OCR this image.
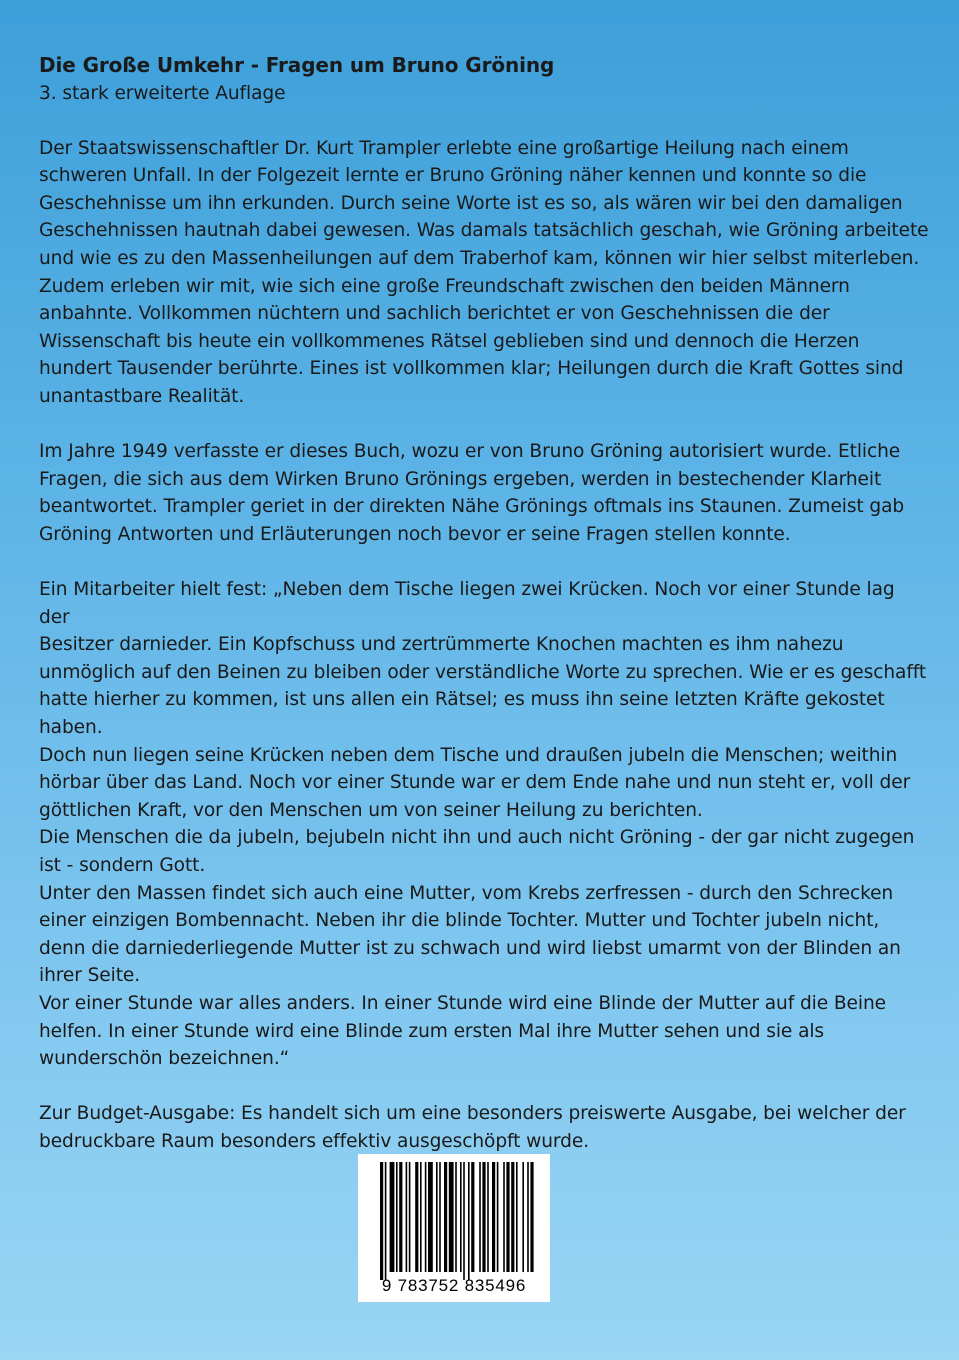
Die Große Umkehr - Fragen um Bruno Gröning
3. stark erweiterte Auflage

Der Staatswissenschaftler Dr. Kurt Trampler erlebte eine großartige Heilung nach einem
schweren Unfall. In der Folgezeit lernte er Bruno Gröning näher kennen und konnte so die
Geschehnisse um ihn erkunden. Durch seine Worte ist es so, als wären wir bei den damaligen
Geschehnissen hautnah dabei gewesen. Was damals tatsächlich geschah, wie Gröning arbeitete
und wie es zu den Massenheilungen auf dem Traberhof kam, können wir hier selbst miterleben.
Zudem erleben wir mit, wie sich eine große Freundschaft zwischen den beiden Männern
anbahnte. Vollkommen nüchtern und sachlich berichtet er von Geschehnissen die der
Wissenschaft bis heute ein vollkommenes Rätsel geblieben sind und dennoch die Herzen
hundert Tausender berührte. Eines ist vollkommen klar; Heilungen durch die Kraft Gottes sind
unantastbare Realität.

Im Jahre 1949 verfasste er dieses Buch, wozu er von Bruno Gröning autorisiert wurde. Etliche
Fragen, die sich aus dem Wirken Bruno Grönings ergeben, werden in bestechender Klarheit
beantwortet. Trampler geriet in der direkten Nähe Grönings oftmals ins Staunen. Zumeist gab
Gröning Antworten und Erläuterungen noch bevor er seine Fragen stellen konnte.

Ein Mitarbeiter hielt fest: „Neben dem Tische liegen zwei Krücken. Noch vor einer Stunde lag der
Besitzer darnieder. Ein Kopfschuss und zertrümmerte Knochen machten es ihm nahezu
unmöglich auf den Beinen zu bleiben oder verständliche Worte zu sprechen. Wie er es geschafft
hatte hierher zu kommen, ist uns allen ein Rätsel; es muss ihn seine letzten Kräfte gekostet
haben.

Doch nun liegen seine Krücken neben dem Tische und draußen jubeln die Menschen; weithin
hörbar über das Land. Noch vor einer Stunde war er dem Ende nahe und nun steht er, voll der
göttlichen Kraft, vor den Menschen um von seiner Heilung zu berichten.

Die Menschen die da jubeln, bejubeln nicht ihn und auch nicht Gröning - der gar nicht zugegen
ist - sondern Gott.

Unter den Massen findet sich auch eine Mutter, vom Krebs zerfressen - durch den Schrecken
einer einzigen Bombennacht. Neben ihr die blinde Tochter. Mutter und Tochter jubeln nicht,
denn die darniederliegende Mutter ist zu schwach und wird liebst umarmt von der Blinden an
ihrer Seite.

Vor einer Stunde war alles anders. In einer Stunde wird eine Blinde der Mutter auf die Beine
helfen. In einer Stunde wird eine Blinde zum ersten Mal ihre Mutter sehen und sie als
wunderschön bezeichnen.“

Zur Budget-Ausgabe: Es handelt sich um eine besonders preiswerte Ausgabe, bei welcher der
bedruckbare Raum besonders effektiv ausgeschöpft wurde.

9 783752 835496
